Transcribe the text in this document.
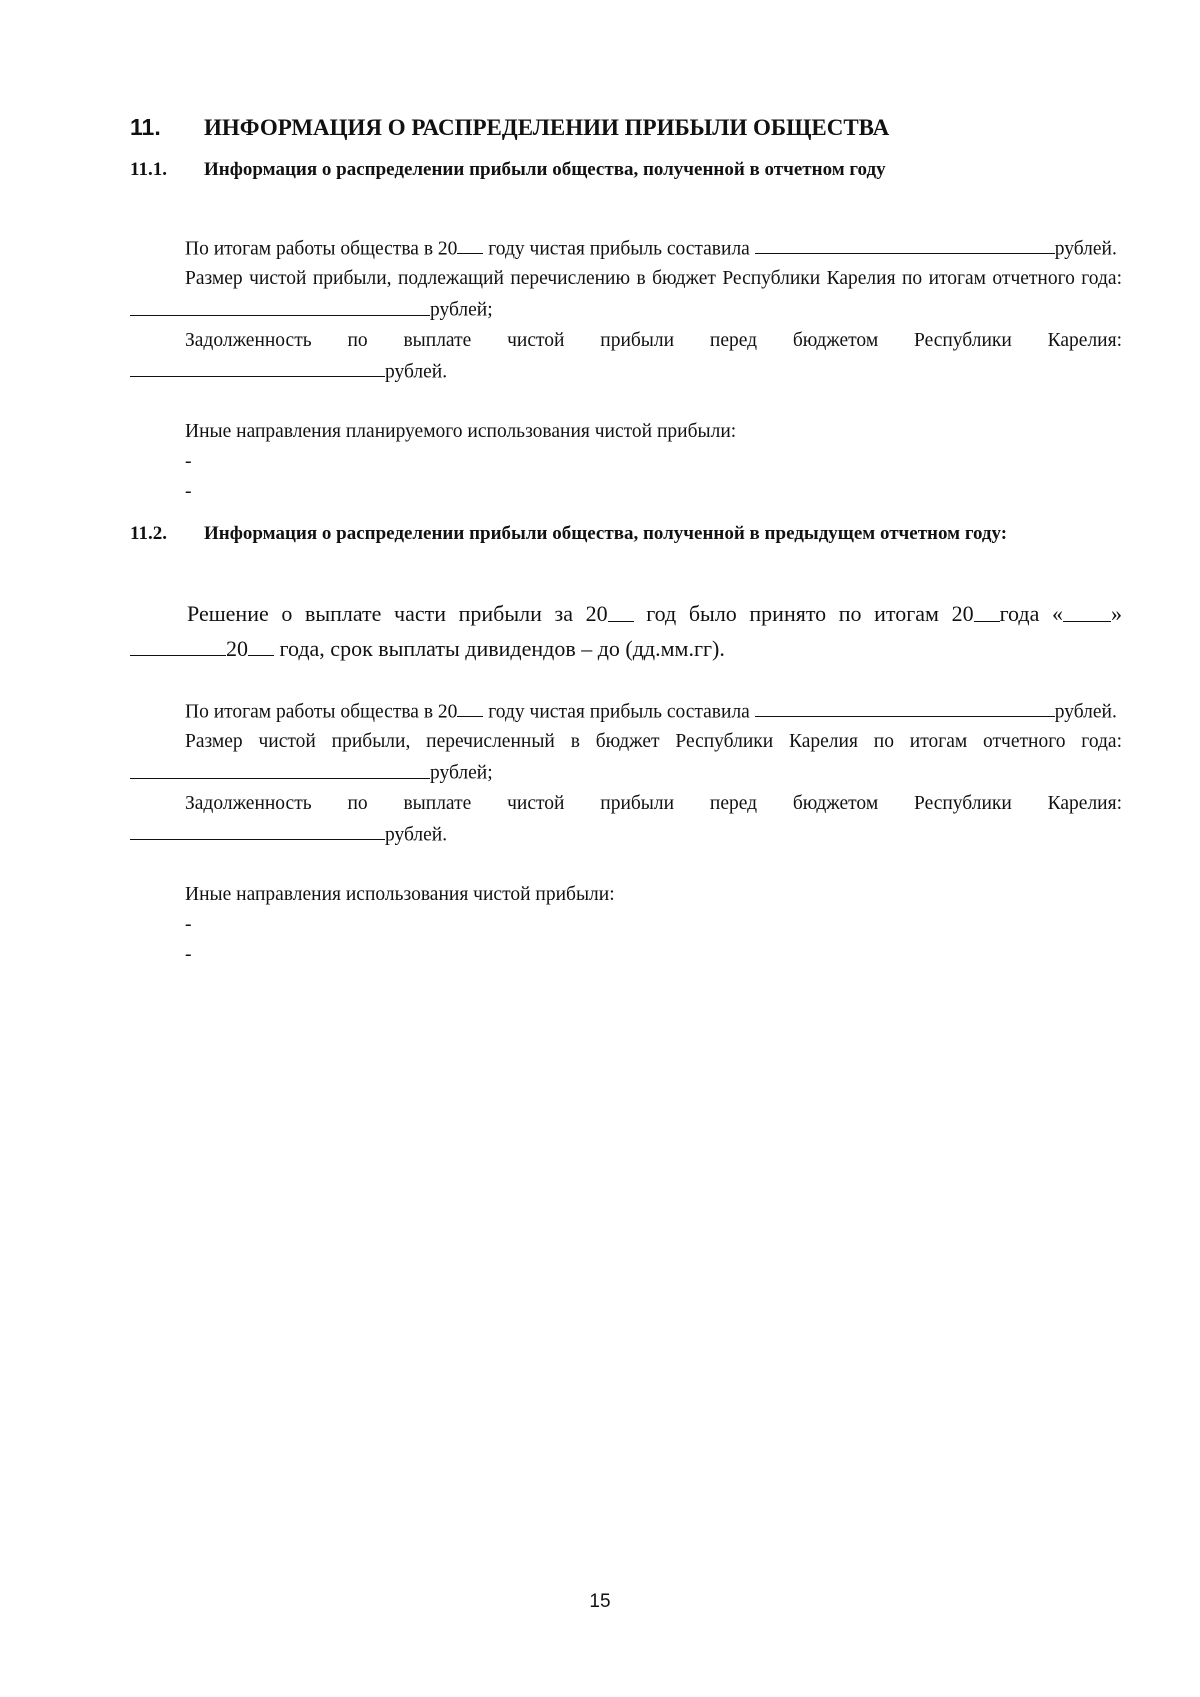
11.	ИНФОРМАЦИЯ О РАСПРЕДЕЛЕНИИ ПРИБЫЛИ ОБЩЕСТВА
11.1.	Информация о распределении прибыли общества, полученной в отчетном году

По итогам работы общества в 20 году чистая прибыль составила	рублей.

Размер чистой прибыли, подлежащий перечислению в бюджет Республики Карелия по итогам отчетного года: рублей;

Задолженность по выплате чистой прибыли перед бюджетом Республики Карелия: рублей.

Иные направления планируемого использования чистой прибыли:

-
-
11.2. Информация о распределении прибыли общества, полученной в предыдущем отчетном году:

Решение о выплате части прибыли за 20 год было принято по итогам 20 года « » 20 года, срок выплаты дивидендов – до (дд.мм.гг).

По итогам работы общества в 20 году чистая прибыль составила	рублей.

Размер чистой прибыли, перечисленный в бюджет Республики Карелия по итогам отчетного года: рублей;

Задолженность по выплате чистой прибыли перед бюджетом Республики Карелия: рублей.

Иные направления использования чистой прибыли:

-
-
15
